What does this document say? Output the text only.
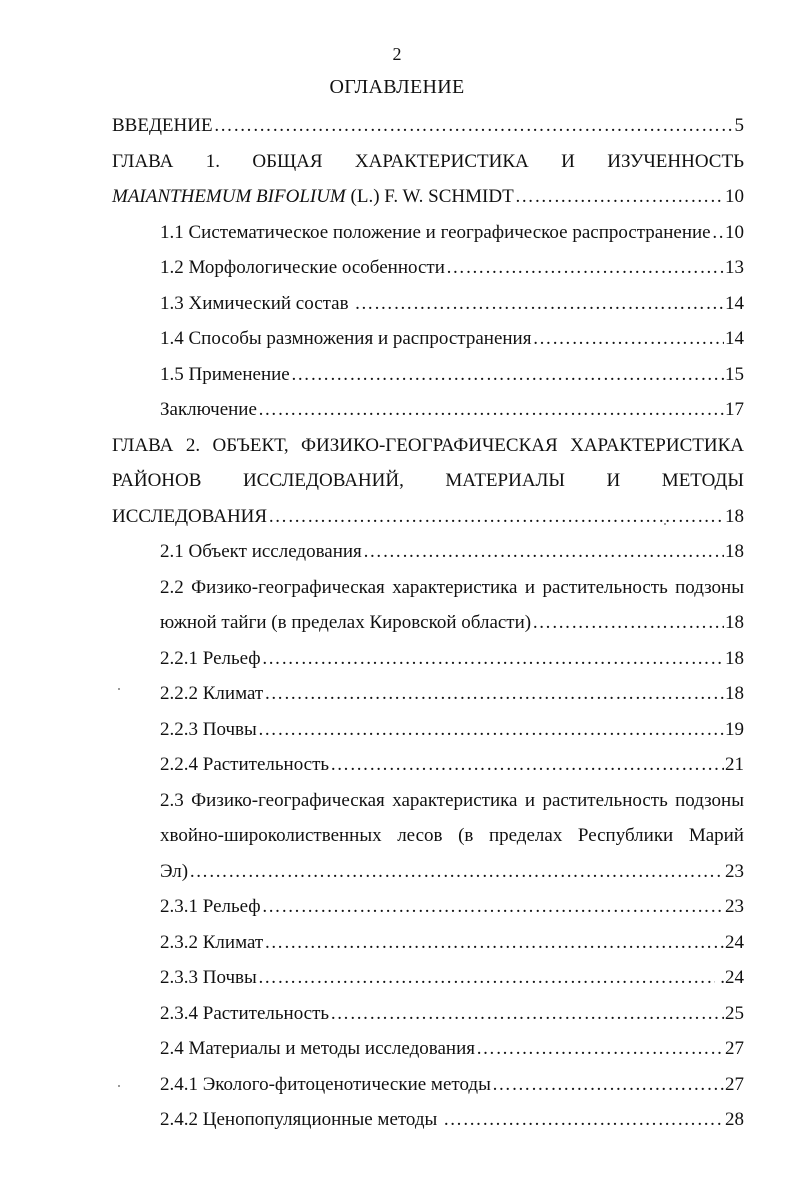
2
ОГЛАВЛЕНИЕ
ВВЕДЕНИЕ …………………………………………………………………………………………………………………………………………………………	5
ГЛАВА 1. ОБЩАЯ ХАРАКТЕРИСТИКА И ИЗУЧЕННОСТЬ
MAIANTHEMUM BIFOLIUM (L.) F. W. SCHMIDT …………………………………………………………………………………………………………………………………………………………	10
1.1 Систематическое положение и географическое распространение ………………………………………………………………………………………………………………………………………………………… 10
1.2 Морфологические особенности …………………………………………………………………………………………………………………………………………………………	13
1.3 Химический состав …………………………………………………………………………………………………………………………………………………………	14
1.4 Способы размножения и распространения …………………………………………………………………………………………………………………………………………………………	14
1.5 Применение …………………………………………………………………………………………………………………………………………………………	15
Заключение …………………………………………………………………………………………………………………………………………………………	17
ГЛАВА 2. ОБЪЕКТ, ФИЗИКО-ГЕОГРАФИЧЕСКАЯ ХАРАКТЕРИСТИКА
РАЙОНОВ ИССЛЕДОВАНИЙ, МАТЕРИАЛЫ И МЕТОДЫ
ИССЛЕДОВАНИЯ …………………………………………………………………………………………………………………………………………………………	18
2.1 Объект исследования …………………………………………………………………………………………………………………………………………………………	18
2.2 Физико-географическая характеристика и растительность подзоны
южной тайги (в пределах Кировской области) …………………………………………………………………………………………………………………………………………………………	18
2.2.1 Рельеф …………………………………………………………………………………………………………………………………………………………	18
2.2.2 Климат …………………………………………………………………………………………………………………………………………………………	18
2.2.3 Почвы …………………………………………………………………………………………………………………………………………………………	19
2.2.4 Растительность …………………………………………………………………………………………………………………………………………………………	21
2.3 Физико-географическая характеристика и растительность подзоны
хвойно-широколиственных лесов (в пределах Республики Марий
Эл) …………………………………………………………………………………………………………………………………………………………	23
2.3.1 Рельеф …………………………………………………………………………………………………………………………………………………………	23
2.3.2 Климат …………………………………………………………………………………………………………………………………………………………	24
2.3.3 Почвы …………………………………………………………………………………………………………………………………………………………	.24
2.3.4 Растительность …………………………………………………………………………………………………………………………………………………………	25
2.4 Материалы и методы исследования …………………………………………………………………………………………………………………………………………………………	27
2.4.1 Эколого-фитоценотические методы …………………………………………………………………………………………………………………………………………………………	27
2.4.2 Ценопопуляционные методы …………………………………………………………………………………………………………………………………………………………	28
